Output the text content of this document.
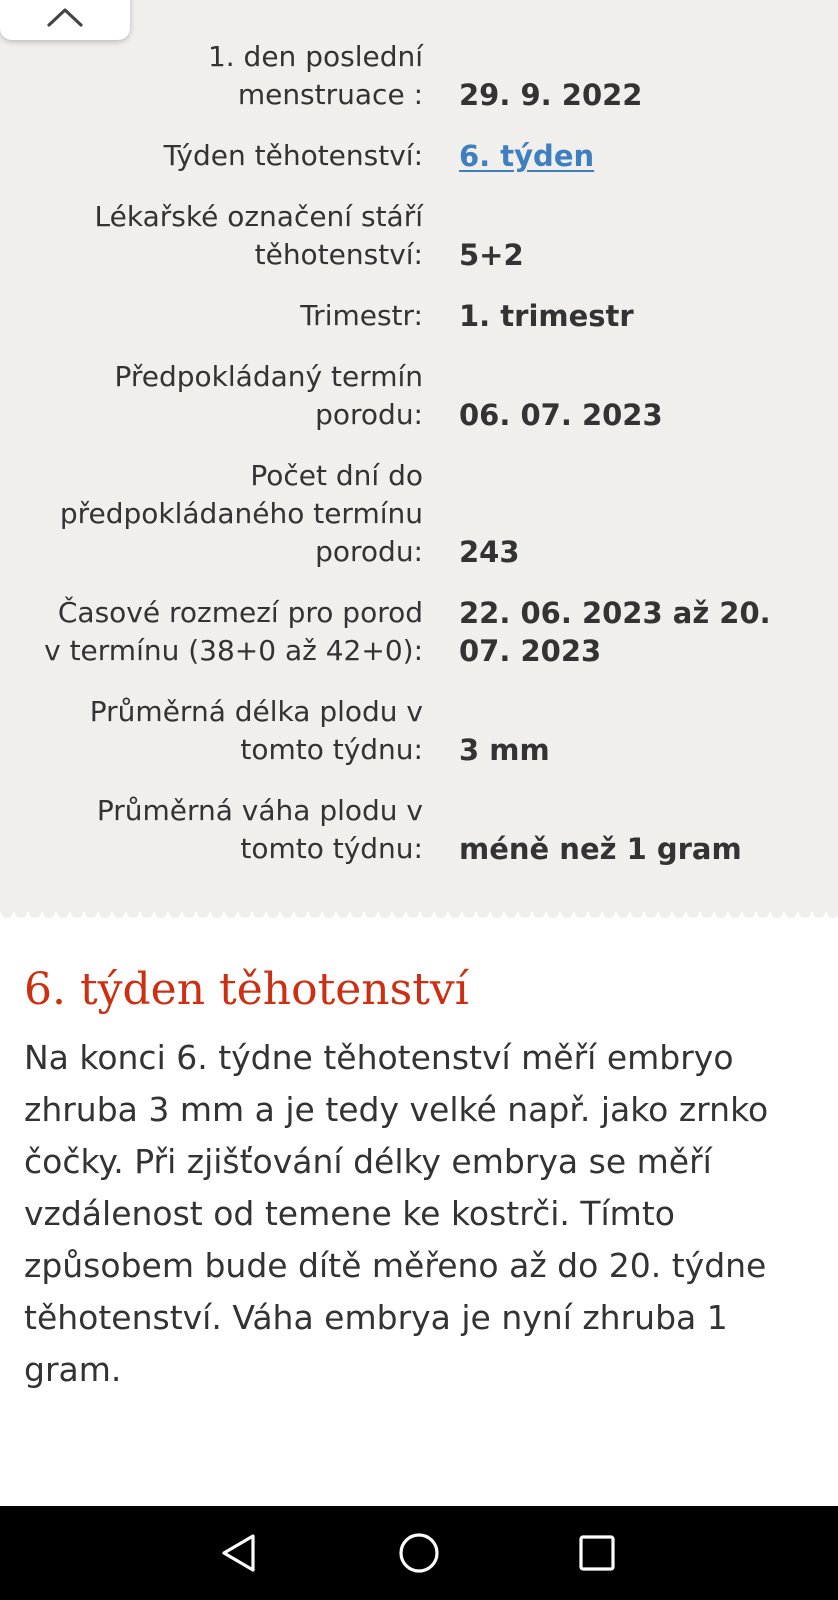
1. den poslední menstruace : 29. 9. 2022
Týden těhotenství: 6. týden
Lékařské označení stáří těhotenství: 5+2
Trimestr: 1. trimestr
Předpokládaný termín porodu: 06. 07. 2023
Počet dní do předpokládaného termínu porodu: 243
Časové rozmezí pro porod v termínu (38+0 až 42+0):
22. 06. 2023 až 20. 07. 2023
Průměrná délka plodu v tomto týdnu: 3 mm
Průměrná váha plodu v tomto týdnu: méně než 1 gram
6. týden těhotenství

Na konci 6. týdne těhotenství měří embryo zhruba 3 mm a je tedy velké např. jako zrnko čočky. Při zjišťování délky embrya se měří vzdálenost od temene ke kostrči. Tímto způsobem bude dítě měřeno až do 20. týdne těhotenství. Váha embrya je nyní zhruba 1 gram.
